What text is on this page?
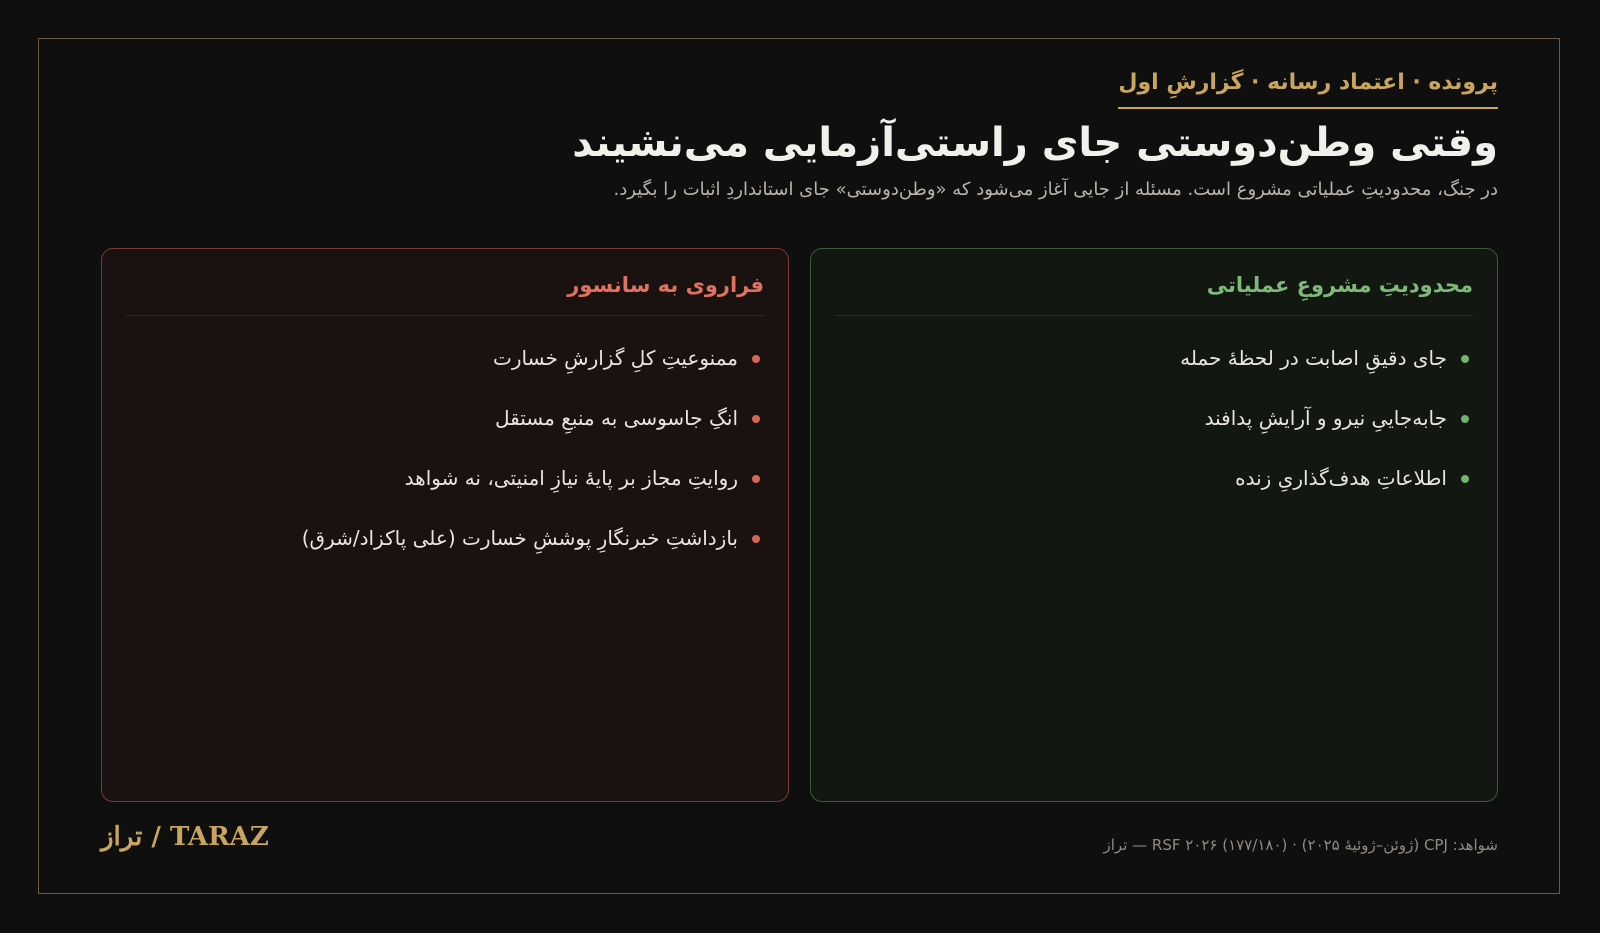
پرونده · اعتماد رسانه · گزارشِ اول
وقتی وطن‌دوستی جای راستی‌آزمایی می‌نشیند
در جنگ، محدودیتِ عملیاتی مشروع است. مسئله از جایی آغاز می‌شود که «وطن‌دوستی» جای استانداردِ اثبات را بگیرد.
محدودیتِ مشروعِ عملیاتی
جای دقیقِ اصابت در لحظهٔ حمله
جابه‌جاییِ نیرو و آرایشِ پدافند
اطلاعاتِ هدف‌گذاریِ زنده
فراروی به سانسور
ممنوعیتِ کلِ گزارشِ خسارت
انگِ جاسوسی به منبعِ مستقل
روایتِ مجاز بر پایهٔ نیازِ امنیتی، نه شواهد
بازداشتِ خبرنگارِ پوششِ خسارت (علی پاکزاد/شرق)
شواهد: CPJ (ژوئن–ژوئیهٔ ۲۰۲۵) · RSF ۲۰۲۶ (۱۷۷/۱۸۰) — تراز
تراز / TARAZ
